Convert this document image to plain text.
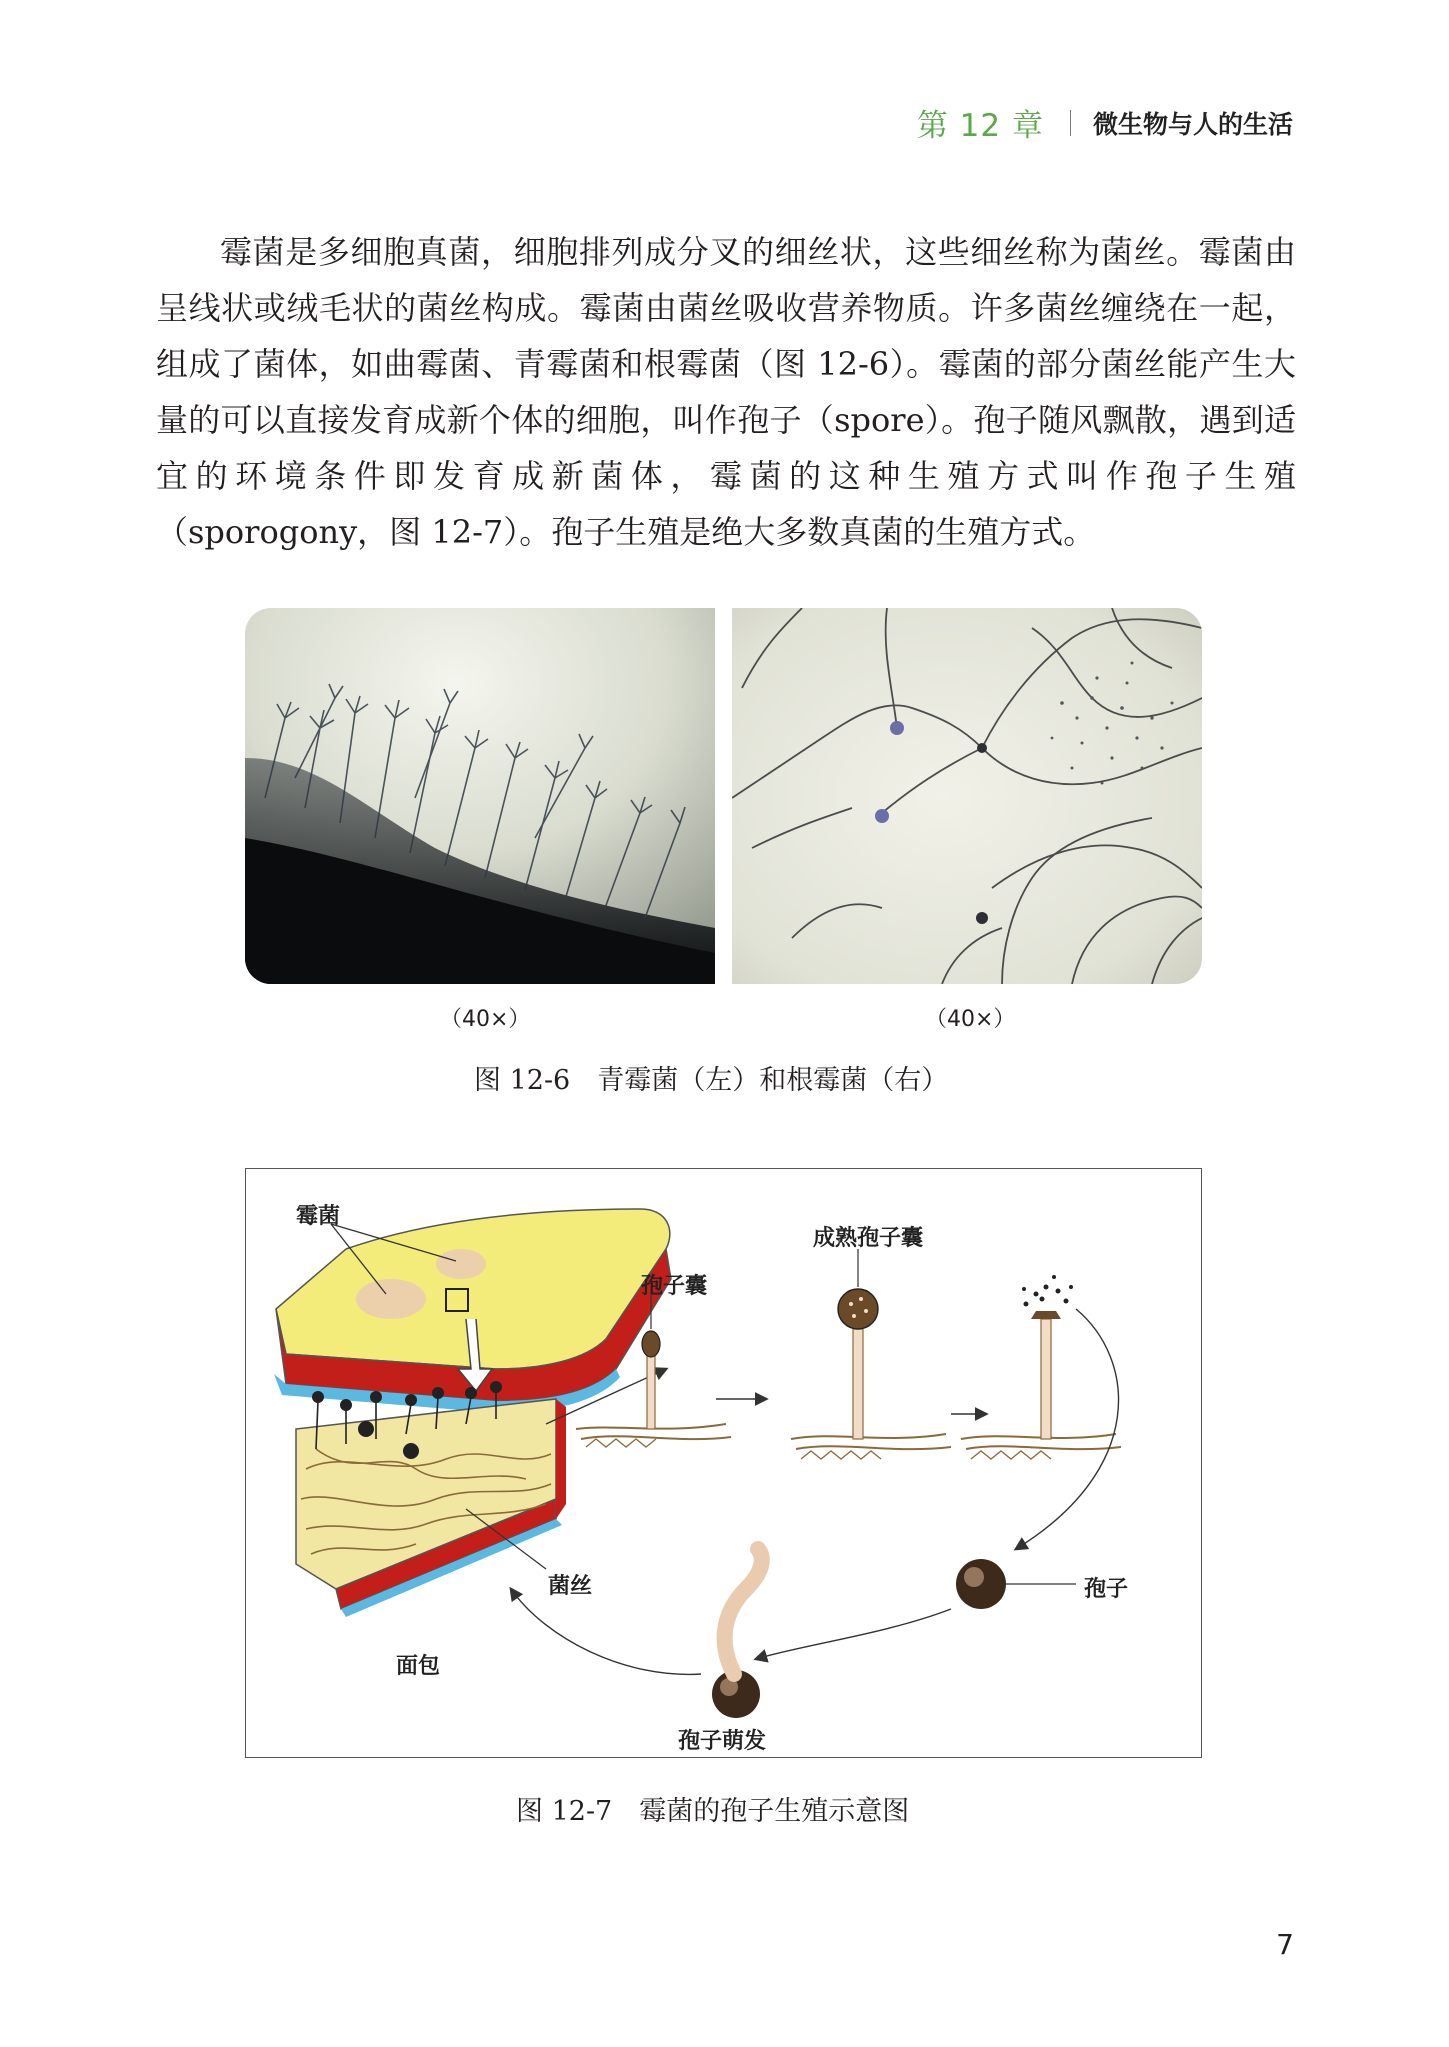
第 12 章 微生物与人的生活

霉菌是多细胞真菌，细胞排列成分叉的细丝状，这些细丝称为菌丝。霉菌由呈线状或绒毛状的菌丝构成。霉菌由菌丝吸收营养物质。许多菌丝缠绕在一起，组成了菌体，如曲霉菌、青霉菌和根霉菌（图 12-6）。霉菌的部分菌丝能产生大量的可以直接发育成新个体的细胞，叫作孢子（spore）。孢子随风飘散，遇到适宜的环境条件即发育成新菌体，霉菌的这种生殖方式叫作孢子生殖（sporogony，图 12-7）。孢子生殖是绝大多数真菌的生殖方式。

（40×）	（40×）
图 12-6　青霉菌（左）和根霉菌（右）
霉菌
孢子囊
成熟孢子囊
菌丝
面包
孢子
孢子萌发
图 12-7　霉菌的孢子生殖示意图
7
